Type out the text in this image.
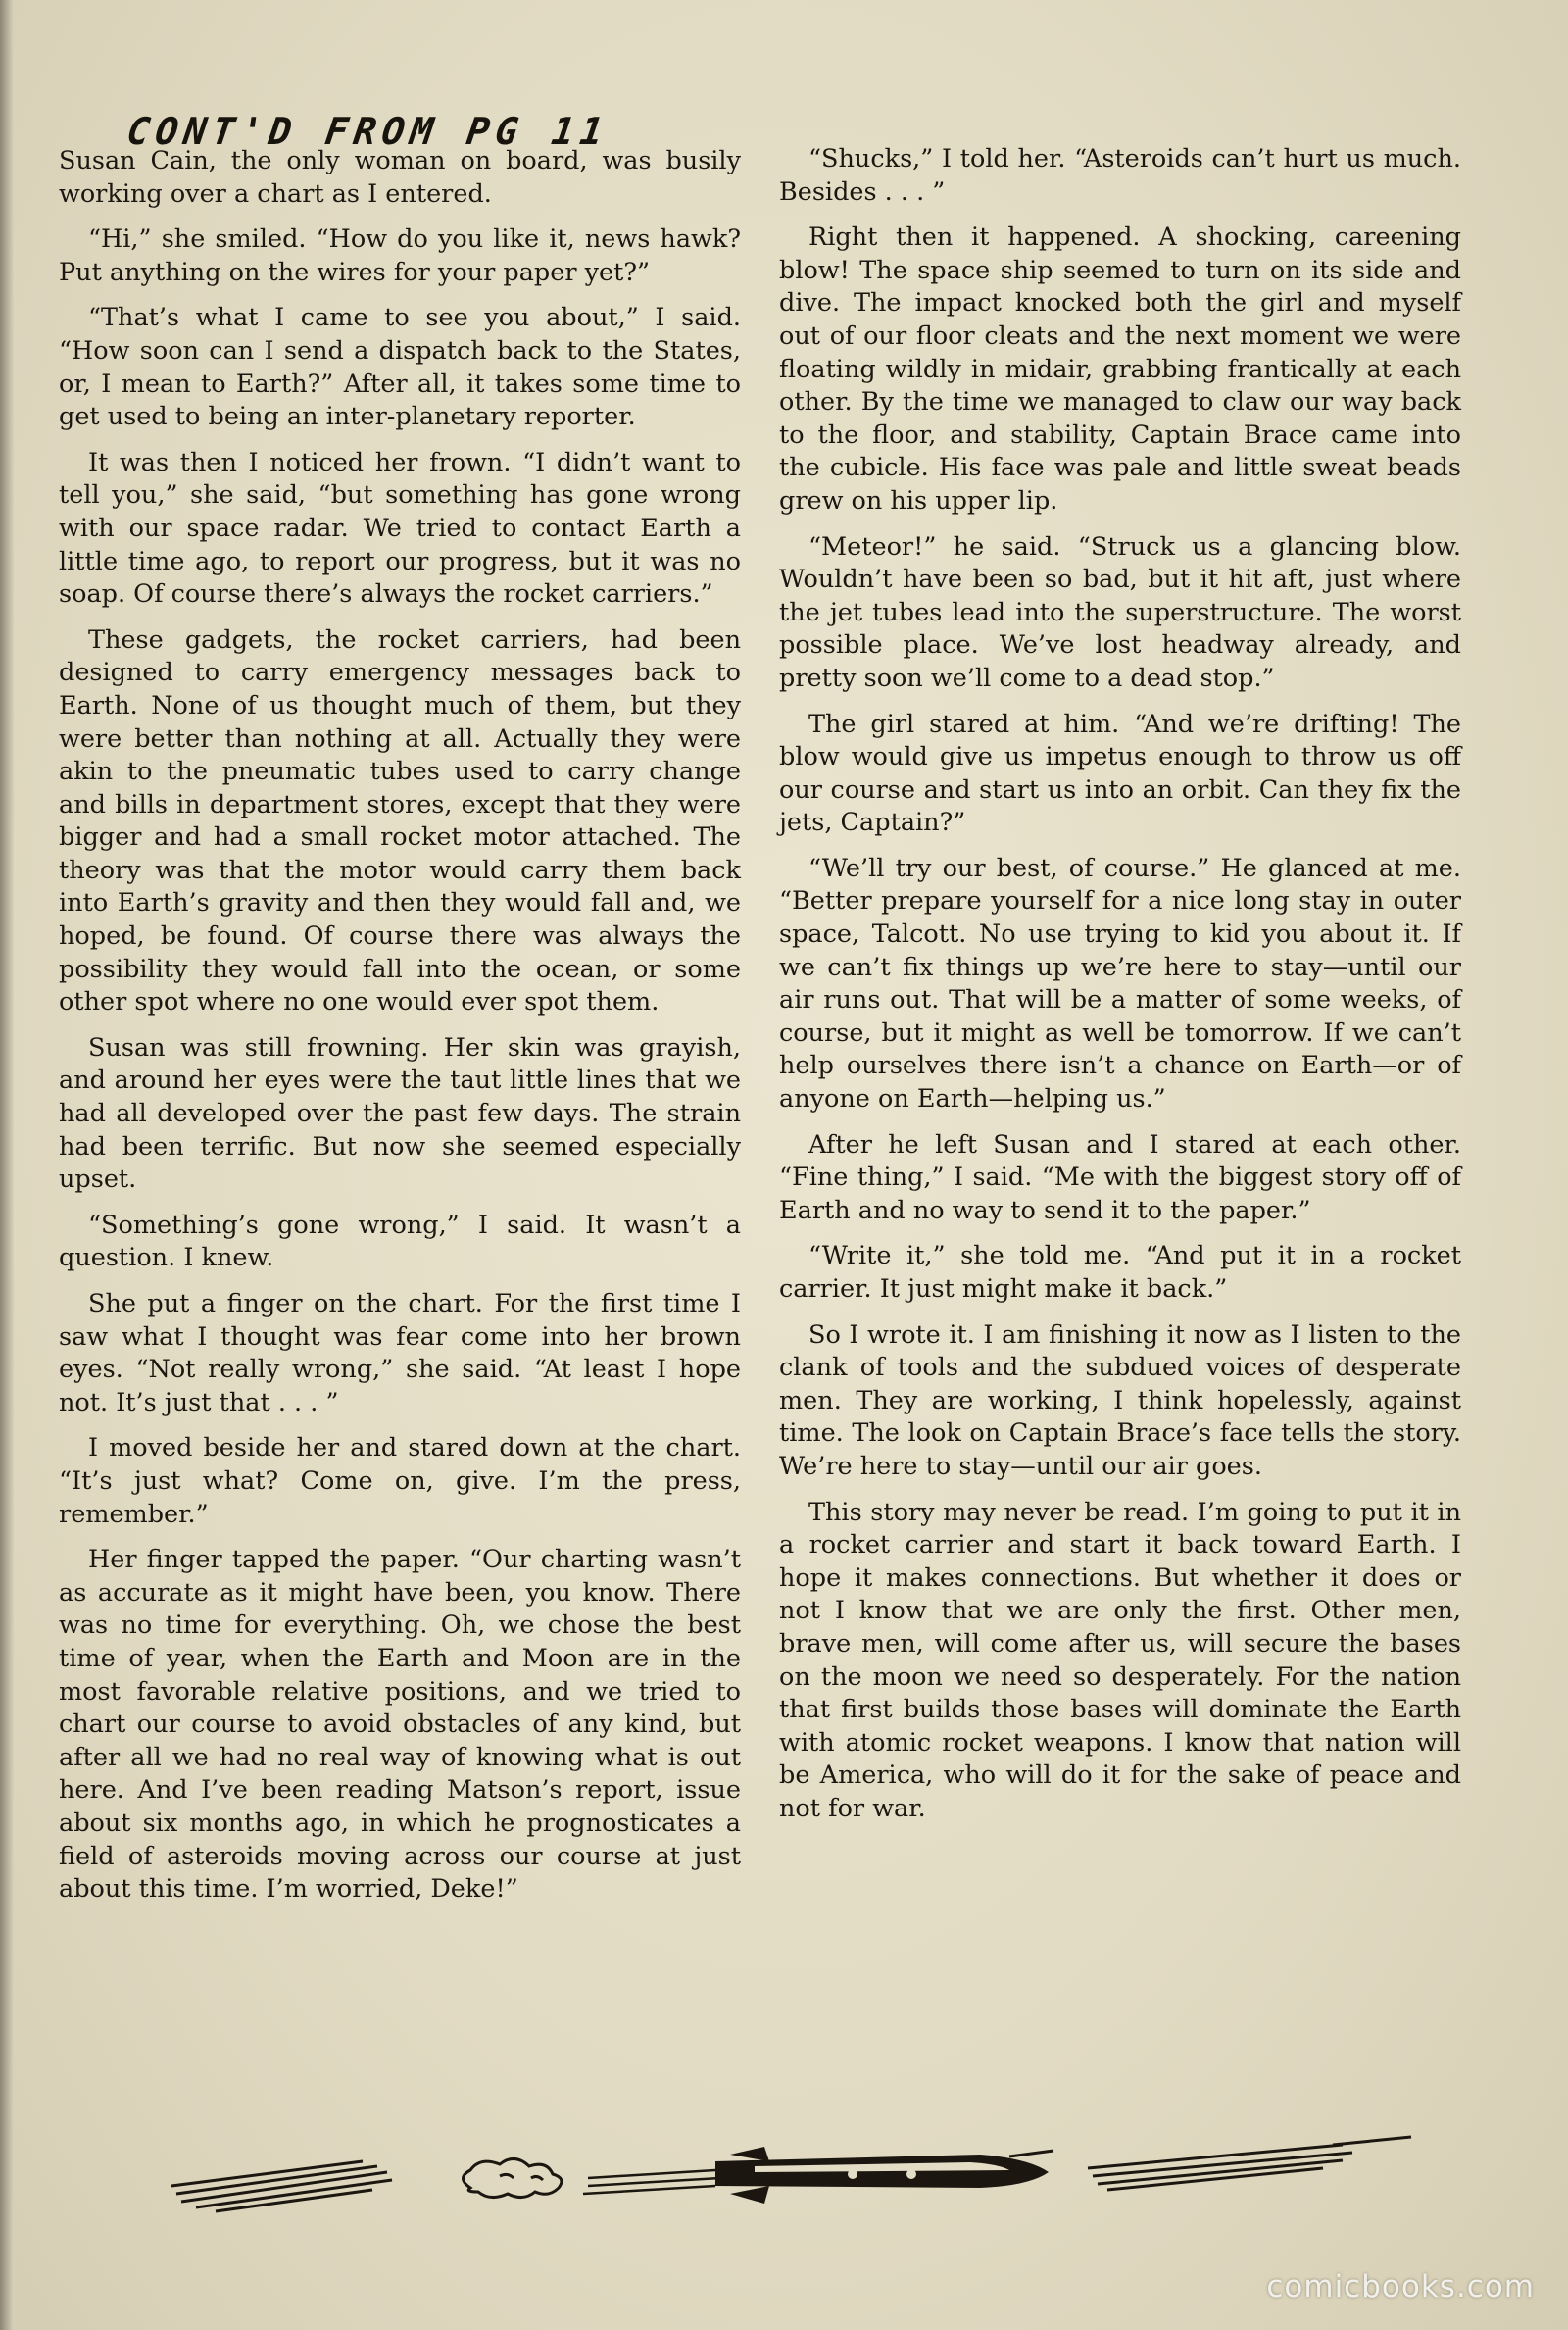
CONT'D FROM PG 11

Susan Cain, the only woman on board, was busily working over a chart as I entered.

“Hi,” she smiled. “How do you like it, news hawk? Put anything on the wires for your paper yet?”

“That’s what I came to see you about,” I said. “How soon can I send a dispatch back to the States, or, I mean to Earth?” After all, it takes some time to get used to being an inter-planetary reporter.

It was then I noticed her frown. “I didn’t want to tell you,” she said, “but something has gone wrong with our space radar. We tried to contact Earth a little time ago, to report our progress, but it was no soap. Of course there’s always the rocket carriers.”

These gadgets, the rocket carriers, had been designed to carry emergency messages back to Earth. None of us thought much of them, but they were better than nothing at all. Actually they were akin to the pneumatic tubes used to carry change and bills in department stores, except that they were bigger and had a small rocket motor attached. The theory was that the motor would carry them back into Earth’s gravity and then they would fall and, we hoped, be found. Of course there was always the possibility they would fall into the ocean, or some other spot where no one would ever spot them.

Susan was still frowning. Her skin was grayish, and around her eyes were the taut little lines that we had all developed over the past few days. The strain had been terrific. But now she seemed especially upset.

“Something’s gone wrong,” I said. It wasn’t a question. I knew.

She put a finger on the chart. For the first time I saw what I thought was fear come into her brown eyes. “Not really wrong,” she said. “At least I hope not. It’s just that . . . ”

I moved beside her and stared down at the chart. “It’s just what? Come on, give. I’m the press, remember.”

Her finger tapped the paper. “Our charting wasn’t as accurate as it might have been, you know. There was no time for everything. Oh, we chose the best time of year, when the Earth and Moon are in the most favorable relative positions, and we tried to chart our course to avoid obstacles of any kind, but after all we had no real way of knowing what is out here. And I’ve been reading Matson’s report, issue about six months ago, in which he prognosticates a field of asteroids moving across our course at just about this time. I’m worried, Deke!”

“Shucks,” I told her. “Asteroids can’t hurt us much. Besides . . . ”

Right then it happened. A shocking, careening blow! The space ship seemed to turn on its side and dive. The impact knocked both the girl and myself out of our floor cleats and the next moment we were floating wildly in midair, grabbing frantically at each other. By the time we managed to claw our way back to the floor, and stability, Captain Brace came into the cubicle. His face was pale and little sweat beads grew on his upper lip.

“Meteor!” he said. “Struck us a glancing blow. Wouldn’t have been so bad, but it hit aft, just where the jet tubes lead into the superstructure. The worst possible place. We’ve lost headway already, and pretty soon we’ll come to a dead stop.”

The girl stared at him. “And we’re drifting! The blow would give us impetus enough to throw us off our course and start us into an orbit. Can they fix the jets, Captain?”

“We’ll try our best, of course.” He glanced at me. “Better prepare yourself for a nice long stay in outer space, Talcott. No use trying to kid you about it. If we can’t fix things up we’re here to stay—until our air runs out. That will be a matter of some weeks, of course, but it might as well be tomorrow. If we can’t help ourselves there isn’t a chance on Earth—or of anyone on Earth—helping us.”

After he left Susan and I stared at each other. “Fine thing,” I said. “Me with the biggest story off of Earth and no way to send it to the paper.”

“Write it,” she told me. “And put it in a rocket carrier. It just might make it back.”

So I wrote it. I am finishing it now as I listen to the clank of tools and the subdued voices of desperate men. They are working, I think hopelessly, against time. The look on Captain Brace’s face tells the story. We’re here to stay—until our air goes.

This story may never be read. I’m going to put it in a rocket carrier and start it back toward Earth. I hope it makes connections. But whether it does or not I know that we are only the first. Other men, brave men, will come after us, will secure the bases on the moon we need so desperately. For the nation that first builds those bases will dominate the Earth with atomic rocket weapons. I know that nation will be America, who will do it for the sake of peace and not for war.

comicbooks.com
